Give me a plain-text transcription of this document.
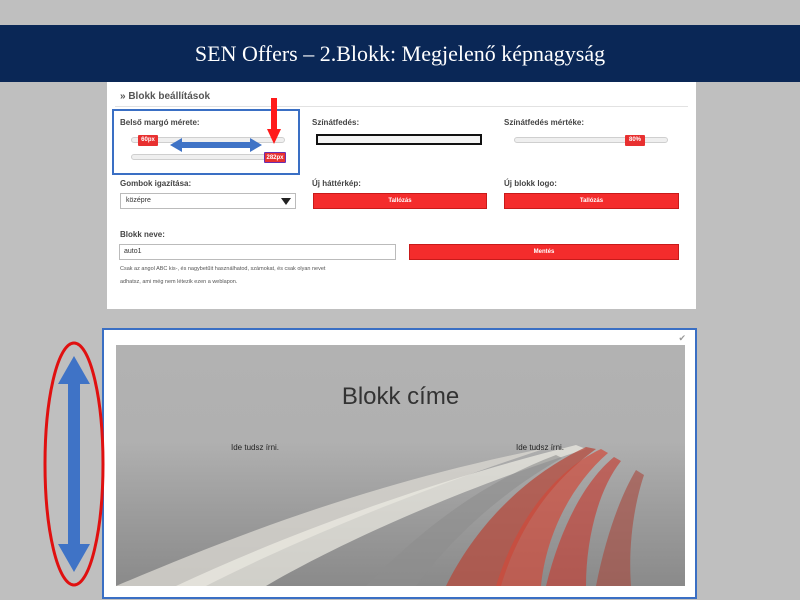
SEN Offers – 2.Blokk: Megjelenő képnagyság
» Blokk beállítások
Belső margó mérete:
60px
282px
Színátfedés:	Színátfedés mértéke:
80%
Gombok igazítása:
középre
Új háttérkép:
Tallózás
Új blokk logo:
Tallózás
Blokk neve:
auto1	Mentés
Csak az angol ABC kis-, és nagybetűit használhatod, számokat, és csak olyan nevet
adhatsz, ami még nem létezik ezen a weblapon.
✔
Blokk címe
Ide tudsz írni.	Ide tudsz írni.
